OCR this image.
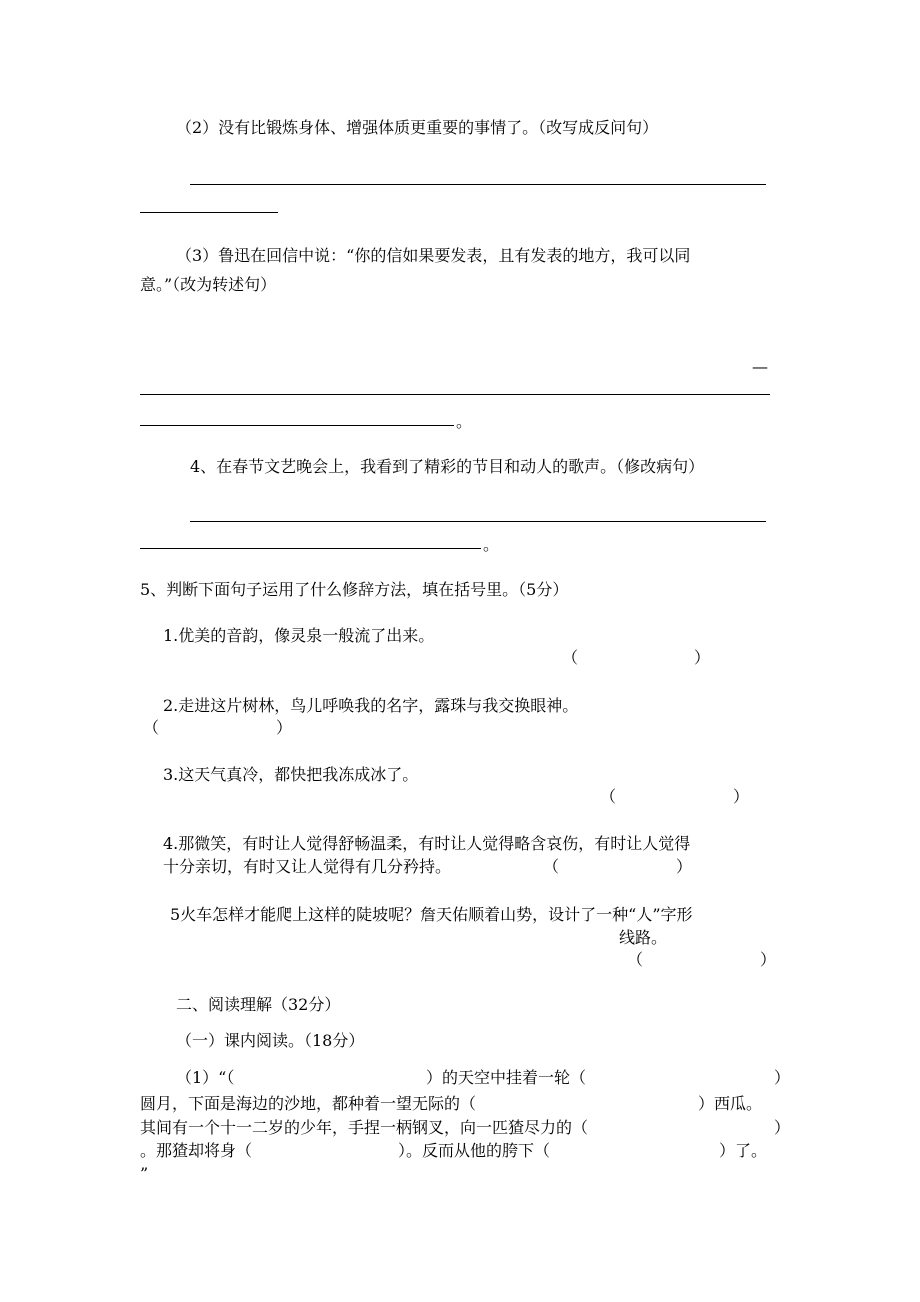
（2）没有比锻炼身体、增强体质更重要的事情了。（改写成反问句）
（3）鲁迅在回信中说：“你的信如果要发表，且有发表的地方，我可以同
意。”（改为转述句）
—
。
4、在春节文艺晚会上，我看到了精彩的节目和动人的歌声。（修改病句）
。
5、判断下面句子运用了什么修辞方法，填在括号里。（5分）
1.优美的音韵，像灵泉一般流了出来。
（	）
2.走进这片树林，鸟儿呼唤我的名字，露珠与我交换眼神。
（	）
3.这天气真冷，都快把我冻成冰了。
（	）
4.那微笑，有时让人觉得舒畅温柔，有时让人觉得略含哀伤，有时让人觉得
十分亲切，有时又让人觉得有几分矜持。	（	）
5火车怎样才能爬上这样的陡坡呢？詹天佑顺着山势，设计了一种“人”字形
线路。
（	）
二、阅读理解（32分）
（一）课内阅读。（18分）
（1）“（	）的天空中挂着一轮（	）
圆月，下面是海边的沙地，都种着一望无际的（	）西瓜。
其间有一个十一二岁的少年，手捏一柄钢叉，向一匹猹尽力的（	）
。那猹却将身（	）。反而从他的胯下（	）了。
”
